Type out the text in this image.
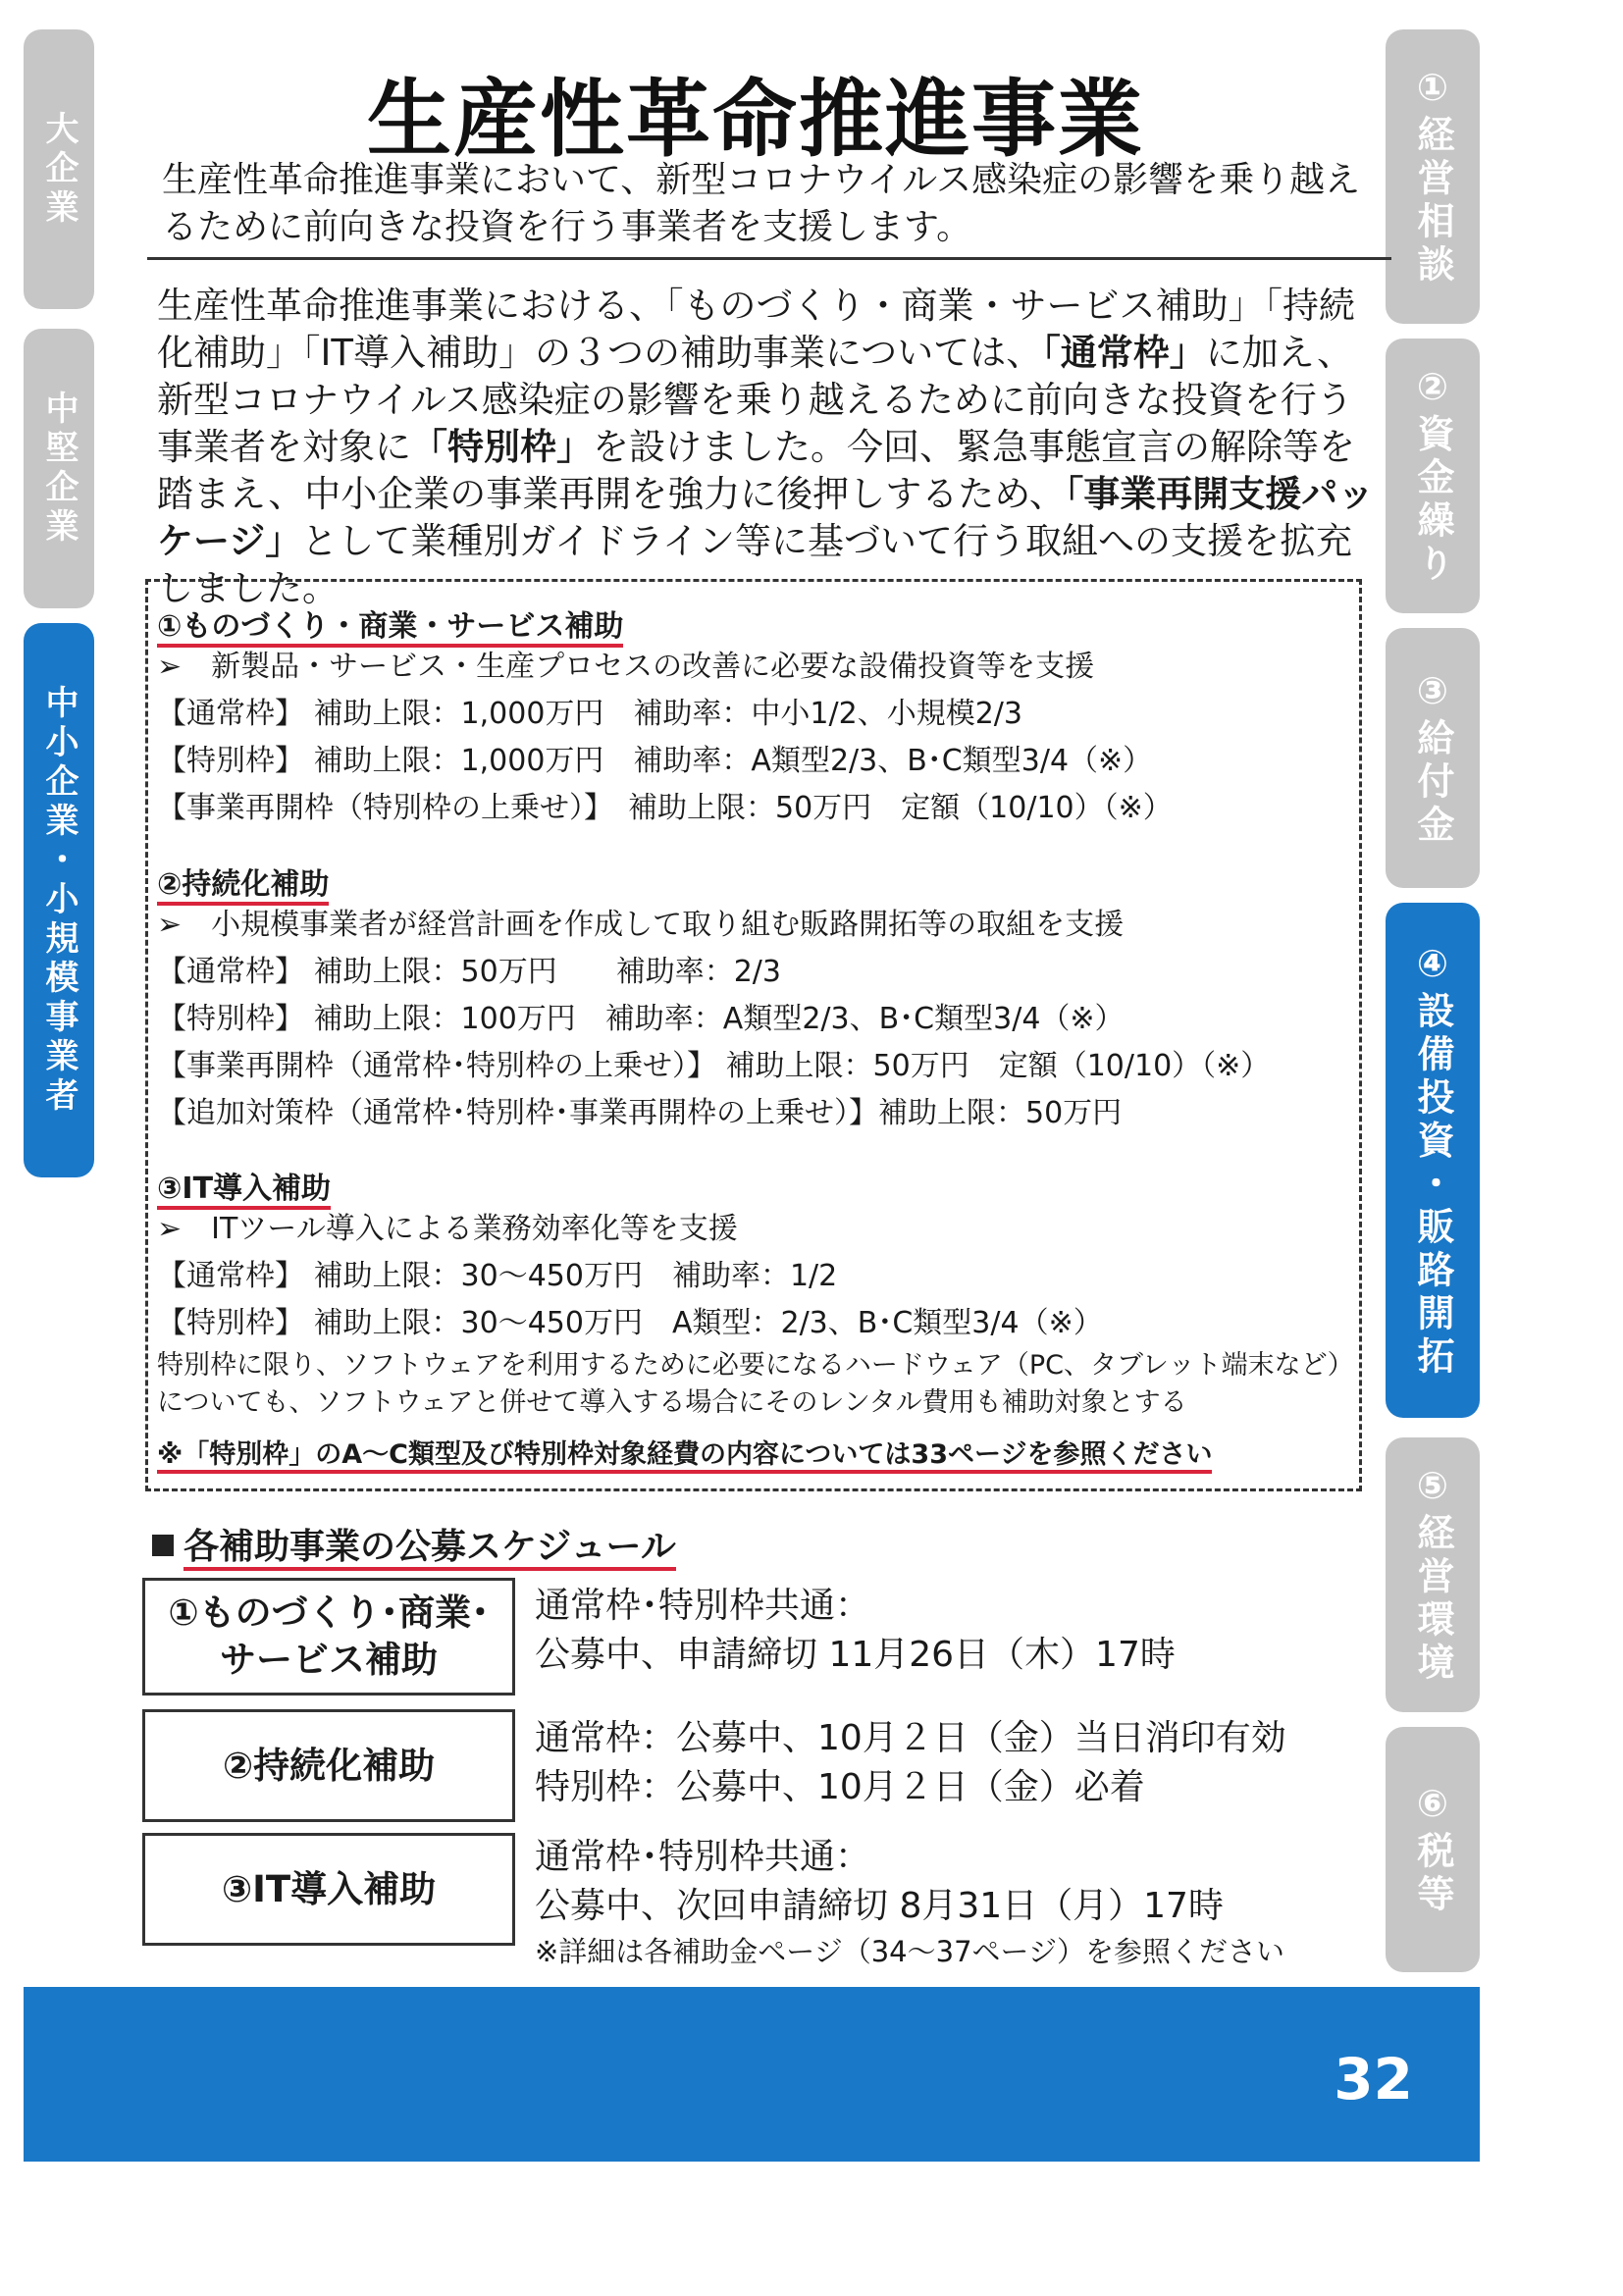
大企業
中堅企業
中小企業・小規模事業者
①経営相談
②資金繰り
③給付金
④設備投資・販路開拓
⑤経営環境
⑥税等
生産性革命推進事業

生産性革命推進事業において、新型コロナウイルス感染症の影響を乗り越えるために前向きな投資を行う事業者を支援します。

生産性革命推進事業における、「ものづくり・商業・サービス補助」「持続化補助」「IT導入補助」の３つの補助事業については、「通常枠」に加え、新型コロナウイルス感染症の影響を乗り越えるために前向きな投資を行う事業者を対象に「特別枠」を設けました。今回、緊急事態宣言の解除等を踏まえ、中小企業の事業再開を強力に後押しするため、「事業再開支援パッケージ」として業種別ガイドライン等に基づいて行う取組への支援を拡充しました。

①ものづくり・商業・サービス補助
➢　新製品・サービス・生産プロセスの改善に必要な設備投資等を支援
【通常枠】 補助上限：1,000万円　補助率：中小1/2、小規模2/3
【特別枠】 補助上限：1,000万円　補助率：A類型2/3、B･C類型3/4（※）
【事業再開枠（特別枠の上乗せ）】　補助上限：50万円　定額（10/10）（※）
②持続化補助
➢　小規模事業者が経営計画を作成して取り組む販路開拓等の取組を支援
【通常枠】 補助上限：50万円　　補助率：2/3
【特別枠】 補助上限：100万円　補助率：A類型2/3、B･C類型3/4（※）
【事業再開枠（通常枠･特別枠の上乗せ）】 補助上限：50万円　定額（10/10）（※）
【追加対策枠（通常枠･特別枠･事業再開枠の上乗せ）】補助上限：50万円
③IT導入補助
➢　ITツール導入による業務効率化等を支援
【通常枠】 補助上限：30～450万円　補助率：1/2
【特別枠】 補助上限：30～450万円　A類型：2/3、B･C類型3/4（※）
特別枠に限り、ソフトウェアを利用するために必要になるハードウェア（PC、タブレット端末など）
についても、ソフトウェアと併せて導入する場合にそのレンタル費用も補助対象とする
※「特別枠」のA～C類型及び特別枠対象経費の内容については33ページを参照ください
各補助事業の公募スケジュール
①ものづくり･商業･
サービス補助
通常枠･特別枠共通：
公募中、申請締切 11月26日（木）17時
②持続化補助
通常枠：公募中、10月２日（金）当日消印有効
特別枠：公募中、10月２日（金）必着
③IT導入補助
通常枠･特別枠共通：
公募中、次回申請締切 8月31日（月）17時
※詳細は各補助金ページ（34～37ページ）を参照ください
32
